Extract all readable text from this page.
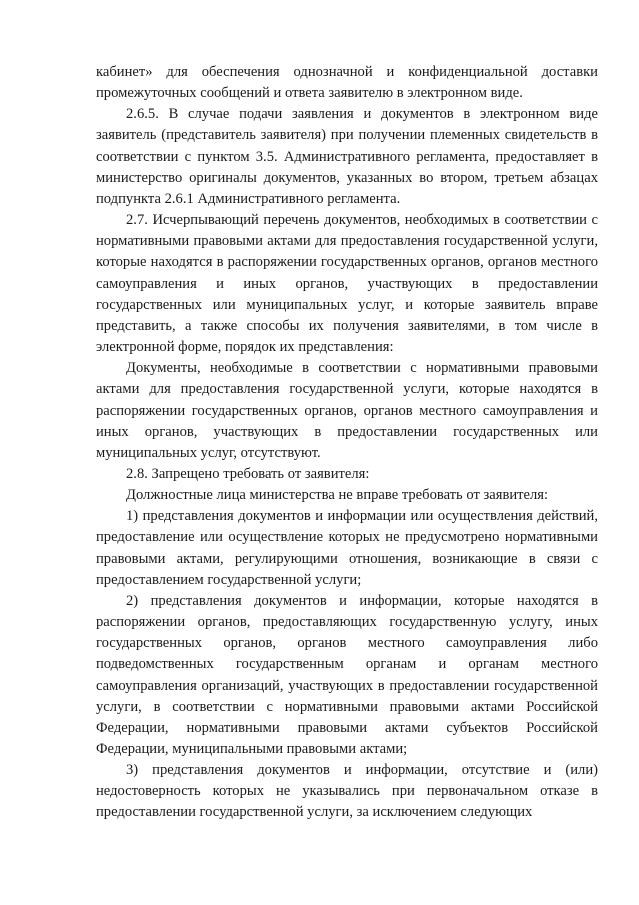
кабинет» для обеспечения однозначной и конфиденциальной доставки промежуточных сообщений и ответа заявителю в электронном виде.

2.6.5. В случае подачи заявления и документов в электронном виде заявитель (представитель заявителя) при получении племенных свидетельств в соответствии с пунктом 3.5. Административного регламента, предоставляет в министерство оригиналы документов, указанных во втором, третьем абзацах подпункта 2.6.1 Административного регламента.

2.7. Исчерпывающий перечень документов, необходимых в соответствии с нормативными правовыми актами для предоставления государственной услуги, которые находятся в распоряжении государственных органов, органов местного самоуправления и иных органов, участвующих в предоставлении государственных или муниципальных услуг, и которые заявитель вправе представить, а также способы их получения заявителями, в том числе в электронной форме, порядок их представления:

Документы, необходимые в соответствии с нормативными правовыми актами для предоставления государственной услуги, которые находятся в распоряжении государственных органов, органов местного самоуправления и иных органов, участвующих в предоставлении государственных или муниципальных услуг, отсутствуют.

2.8. Запрещено требовать от заявителя:

Должностные лица министерства не вправе требовать от заявителя:

1) представления документов и информации или осуществления действий, предоставление или осуществление которых не предусмотрено нормативными правовыми актами, регулирующими отношения, возникающие в связи с предоставлением государственной услуги;

2) представления документов и информации, которые находятся в распоряжении органов, предоставляющих государственную услугу, иных государственных органов, органов местного самоуправления либо подведомственных государственным органам и органам местного самоуправления организаций, участвующих в предоставлении государственной услуги, в соответствии с нормативными правовыми актами Российской Федерации, нормативными правовыми актами субъектов Российской Федерации, муниципальными правовыми актами;

3) представления документов и информации, отсутствие и (или) недостоверность которых не указывались при первоначальном отказе в предоставлении государственной услуги, за исключением следующих
